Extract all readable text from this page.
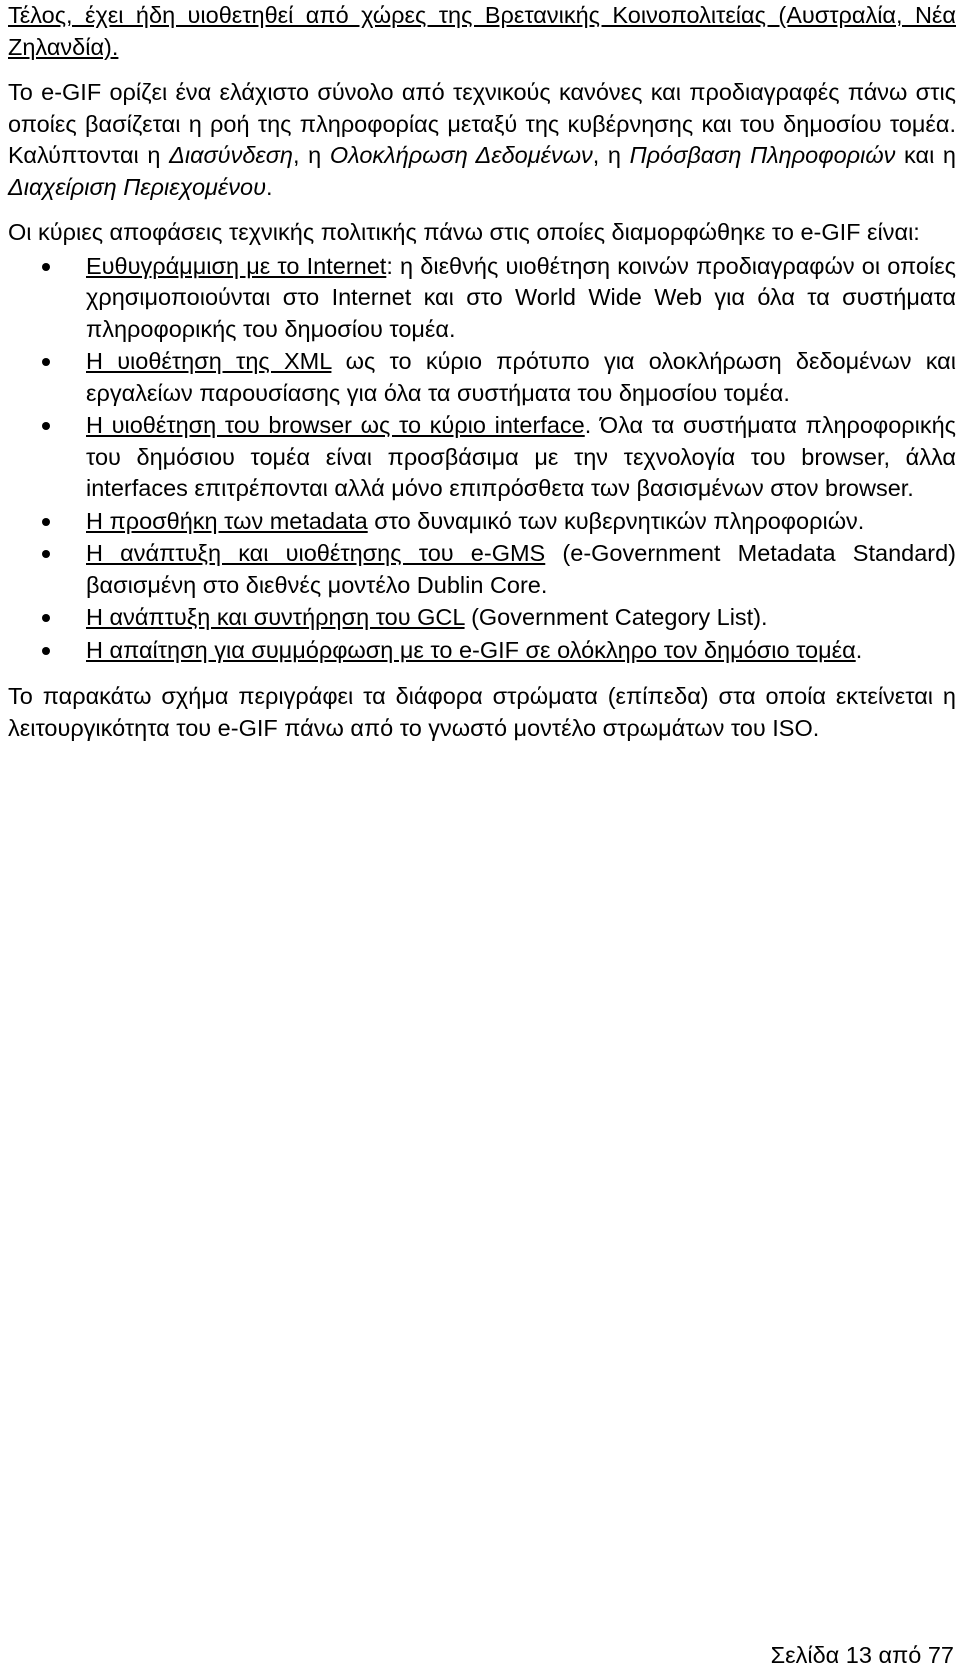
Τέλος, έχει ήδη υιοθετηθεί από χώρες της Βρετανικής Κοινοπολιτείας (Αυστραλία, Νέα Ζηλανδία).

Το e-GIF ορίζει ένα ελάχιστο σύνολο από τεχνικούς κανόνες και προδιαγραφές πάνω στις οποίες βασίζεται η ροή της πληροφορίας μεταξύ της κυβέρνησης και του δημοσίου τομέα. Καλύπτονται η Διασύνδεση, η Ολοκλήρωση Δεδομένων, η Πρόσβαση Πληροφοριών και η Διαχείριση Περιεχομένου.

Οι κύριες αποφάσεις τεχνικής πολιτικής πάνω στις οποίες διαμορφώθηκε το e-GIF είναι:

Ευθυγράμμιση με το Internet: η διεθνής υιοθέτηση κοινών προδιαγραφών οι οποίες χρησιμοποιούνται στο Internet και στο World Wide Web για όλα τα συστήματα πληροφορικής του δημοσίου τομέα.
Η υιοθέτηση της XML ως το κύριο πρότυπο για ολοκλήρωση δεδομένων και εργαλείων παρουσίασης για όλα τα συστήματα του δημοσίου τομέα.
Η υιοθέτηση του browser ως το κύριο interface. Όλα τα συστήματα πληροφορικής του δημόσιου τομέα είναι προσβάσιμα με την τεχνολογία του browser, άλλα interfaces επιτρέπονται αλλά μόνο επιπρόσθετα των βασισμένων στον browser.
Η προσθήκη των metadata στο δυναμικό των κυβερνητικών πληροφοριών.
Η ανάπτυξη και υιοθέτησης του e-GMS (e-Government Metadata Standard) βασισμένη στο διεθνές μοντέλο Dublin Core.
Η ανάπτυξη και συντήρηση του GCL (Government Category List).
Η απαίτηση για συμμόρφωση με το e-GIF σε ολόκληρο τον δημόσιο τομέα.

Το παρακάτω σχήμα περιγράφει τα διάφορα στρώματα (επίπεδα) στα οποία εκτείνεται η λειτουργικότητα του e-GIF πάνω από το γνωστό μοντέλο στρωμάτων του ISO.

Σελίδα 13 από 77
